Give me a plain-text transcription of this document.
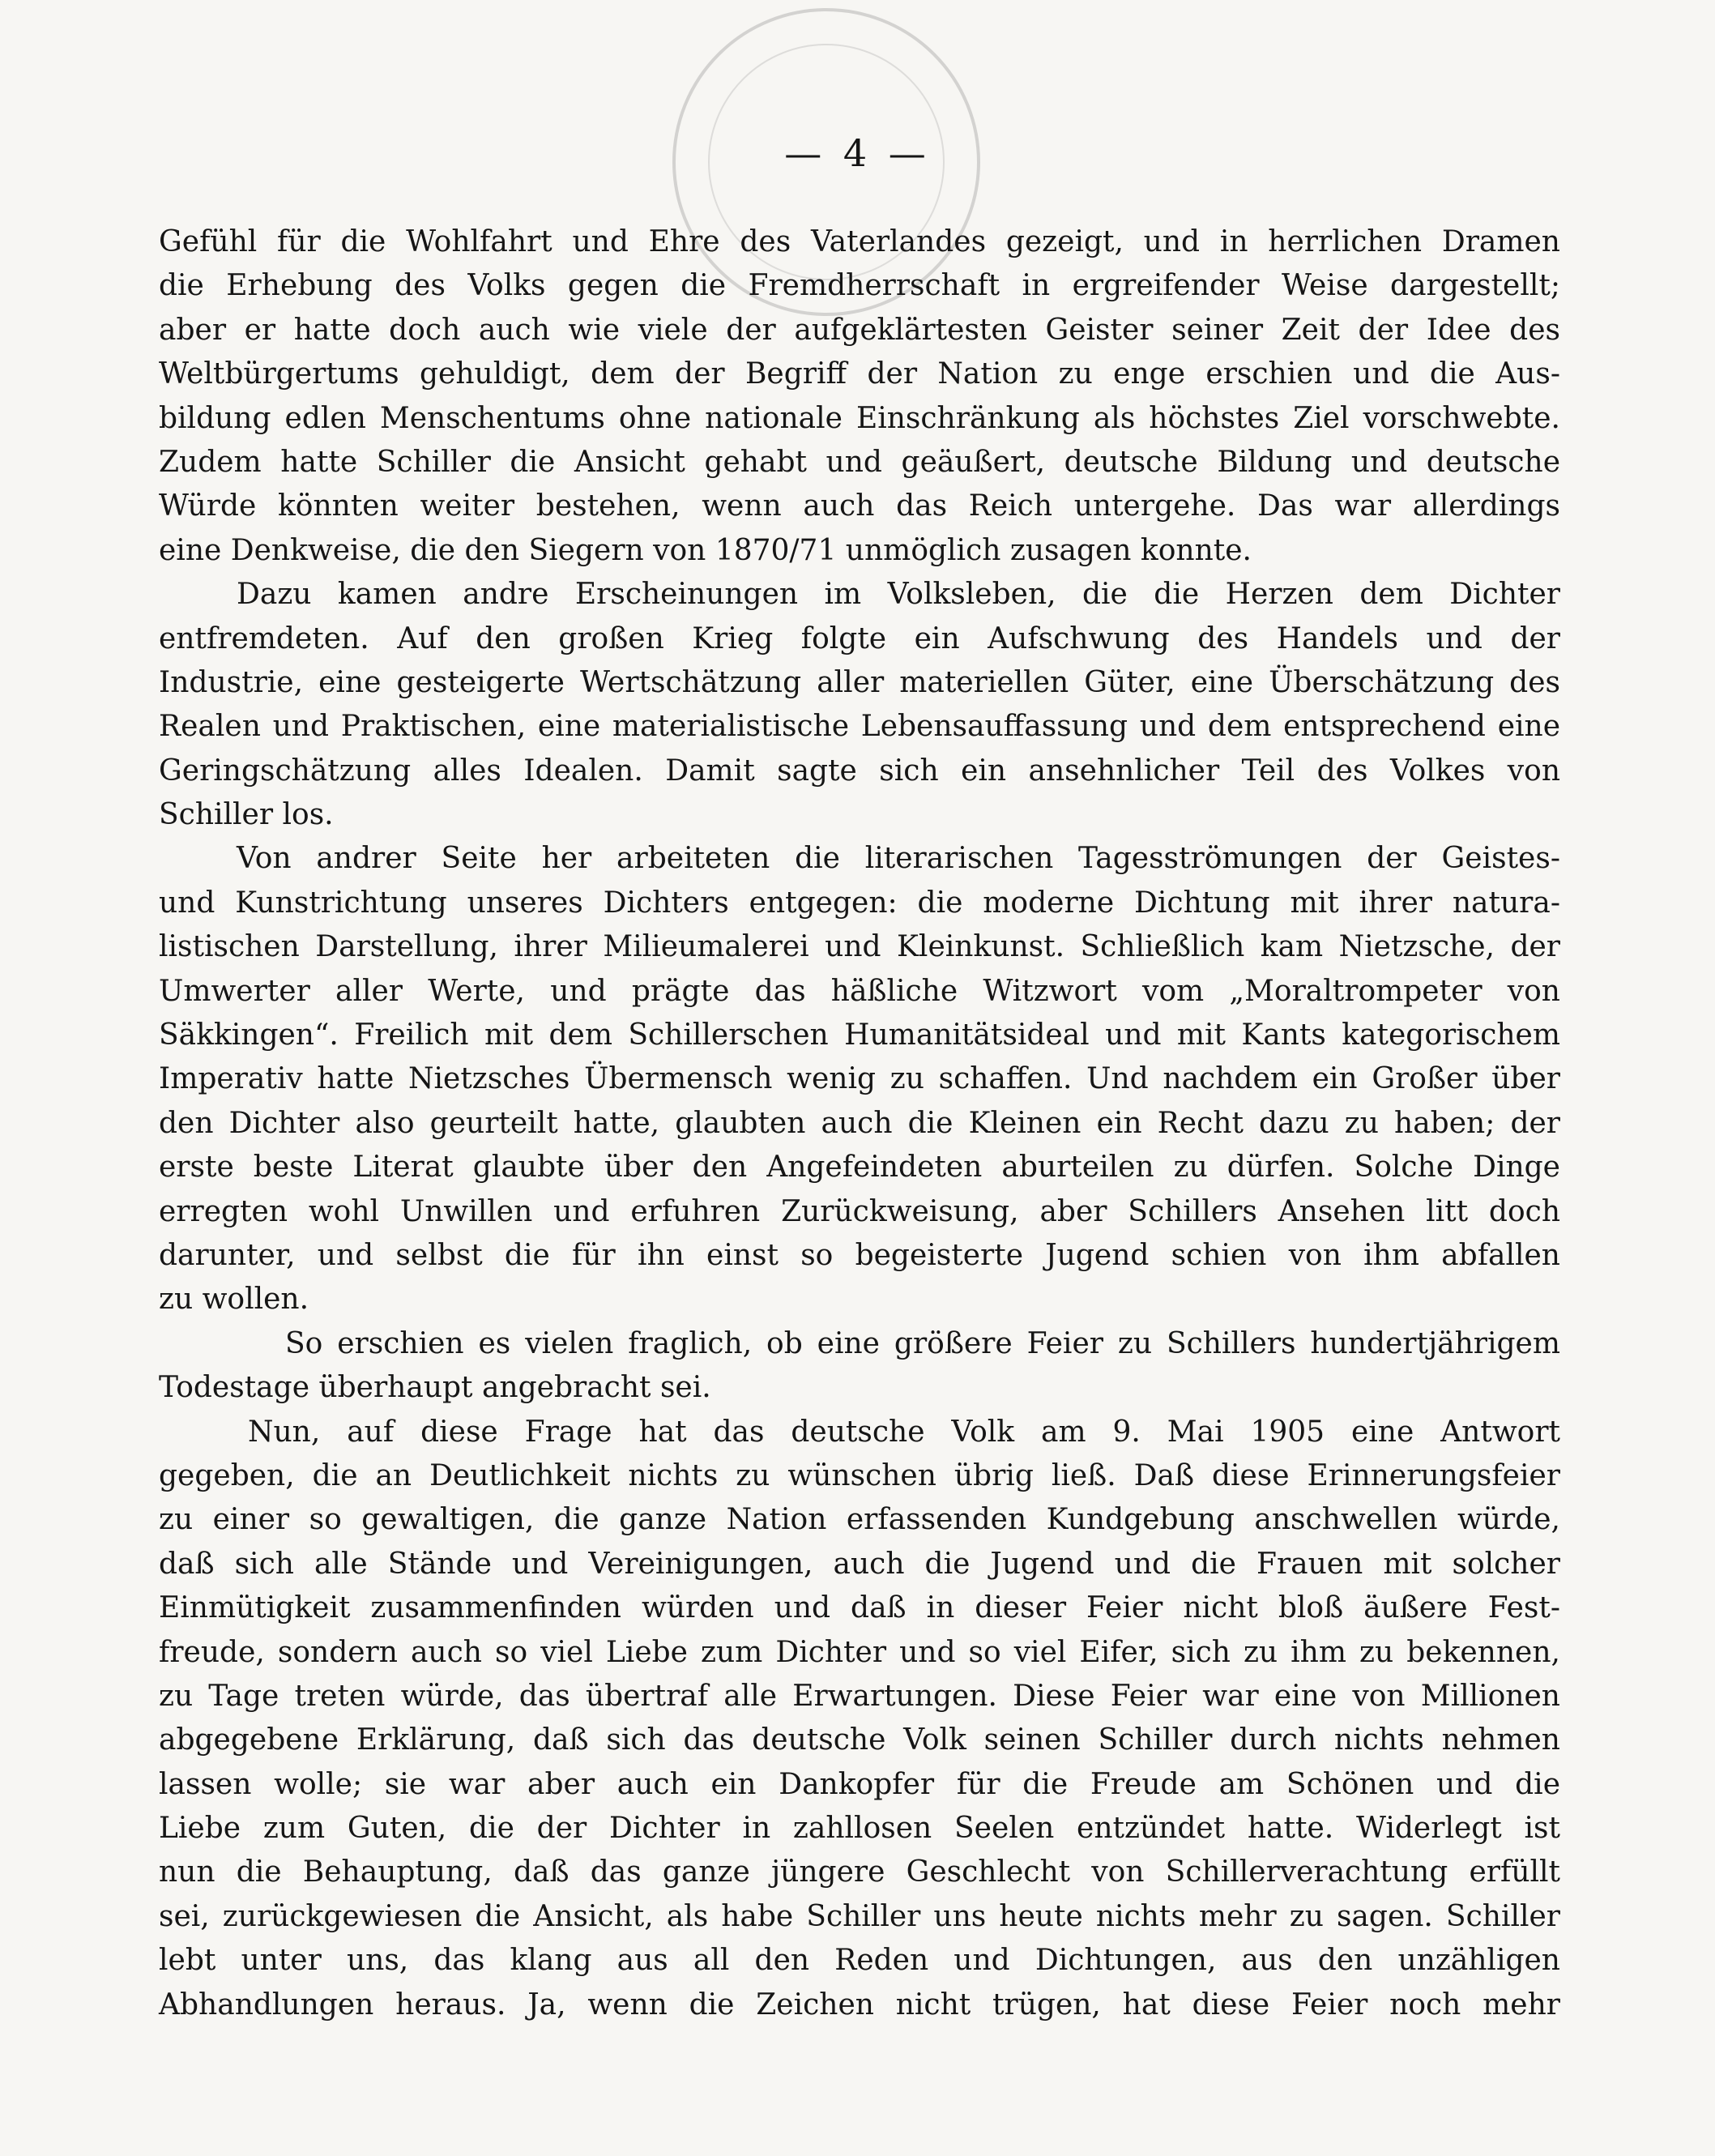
— 4 —
Gefühl für die Wohlfahrt und Ehre des Vaterlandes gezeigt, und in herrlichen Dramen
die Erhebung des Volks gegen die Fremdherrschaft in ergreifender Weise dargestellt;
aber er hatte doch auch wie viele der aufgeklärtesten Geister seiner Zeit der Idee des
Weltbürgertums gehuldigt, dem der Begriff der Nation zu enge erschien und die Aus-
bildung edlen Menschentums ohne nationale Einschränkung als höchstes Ziel vorschwebte.
Zudem hatte Schiller die Ansicht gehabt und geäußert, deutsche Bildung und deutsche
Würde könnten weiter bestehen, wenn auch das Reich untergehe. Das war allerdings
eine Denkweise, die den Siegern von 1870/71 unmöglich zusagen konnte.
Dazu kamen andre Erscheinungen im Volksleben, die die Herzen dem Dichter
entfremdeten. Auf den großen Krieg folgte ein Aufschwung des Handels und der
Industrie, eine gesteigerte Wertschätzung aller materiellen Güter, eine Überschätzung des
Realen und Praktischen, eine materialistische Lebensauffassung und dem entsprechend eine
Geringschätzung alles Idealen. Damit sagte sich ein ansehnlicher Teil des Volkes von
Schiller los.
Von andrer Seite her arbeiteten die literarischen Tagesströmungen der Geistes-
und Kunstrichtung unseres Dichters entgegen: die moderne Dichtung mit ihrer natura-
listischen Darstellung, ihrer Milieumalerei und Kleinkunst. Schließlich kam Nietzsche, der
Umwerter aller Werte, und prägte das häßliche Witzwort vom „Moraltrompeter von
Säkkingen“. Freilich mit dem Schillerschen Humanitätsideal und mit Kants kategorischem
Imperativ hatte Nietzsches Übermensch wenig zu schaffen. Und nachdem ein Großer über
den Dichter also geurteilt hatte, glaubten auch die Kleinen ein Recht dazu zu haben; der
erste beste Literat glaubte über den Angefeindeten aburteilen zu dürfen. Solche Dinge
erregten wohl Unwillen und erfuhren Zurückweisung, aber Schillers Ansehen litt doch
darunter, und selbst die für ihn einst so begeisterte Jugend schien von ihm abfallen
zu wollen.
So erschien es vielen fraglich, ob eine größere Feier zu Schillers hundertjährigem
Todestage überhaupt angebracht sei.
Nun, auf diese Frage hat das deutsche Volk am 9. Mai 1905 eine Antwort
gegeben, die an Deutlichkeit nichts zu wünschen übrig ließ. Daß diese Erinnerungsfeier
zu einer so gewaltigen, die ganze Nation erfassenden Kundgebung anschwellen würde,
daß sich alle Stände und Vereinigungen, auch die Jugend und die Frauen mit solcher
Einmütigkeit zusammenfinden würden und daß in dieser Feier nicht bloß äußere Fest-
freude, sondern auch so viel Liebe zum Dichter und so viel Eifer, sich zu ihm zu bekennen,
zu Tage treten würde, das übertraf alle Erwartungen. Diese Feier war eine von Millionen
abgegebene Erklärung, daß sich das deutsche Volk seinen Schiller durch nichts nehmen
lassen wolle; sie war aber auch ein Dankopfer für die Freude am Schönen und die
Liebe zum Guten, die der Dichter in zahllosen Seelen entzündet hatte. Widerlegt ist
nun die Behauptung, daß das ganze jüngere Geschlecht von Schillerverachtung erfüllt
sei, zurückgewiesen die Ansicht, als habe Schiller uns heute nichts mehr zu sagen. Schiller
lebt unter uns, das klang aus all den Reden und Dichtungen, aus den unzähligen
Abhandlungen heraus. Ja, wenn die Zeichen nicht trügen, hat diese Feier noch mehr
